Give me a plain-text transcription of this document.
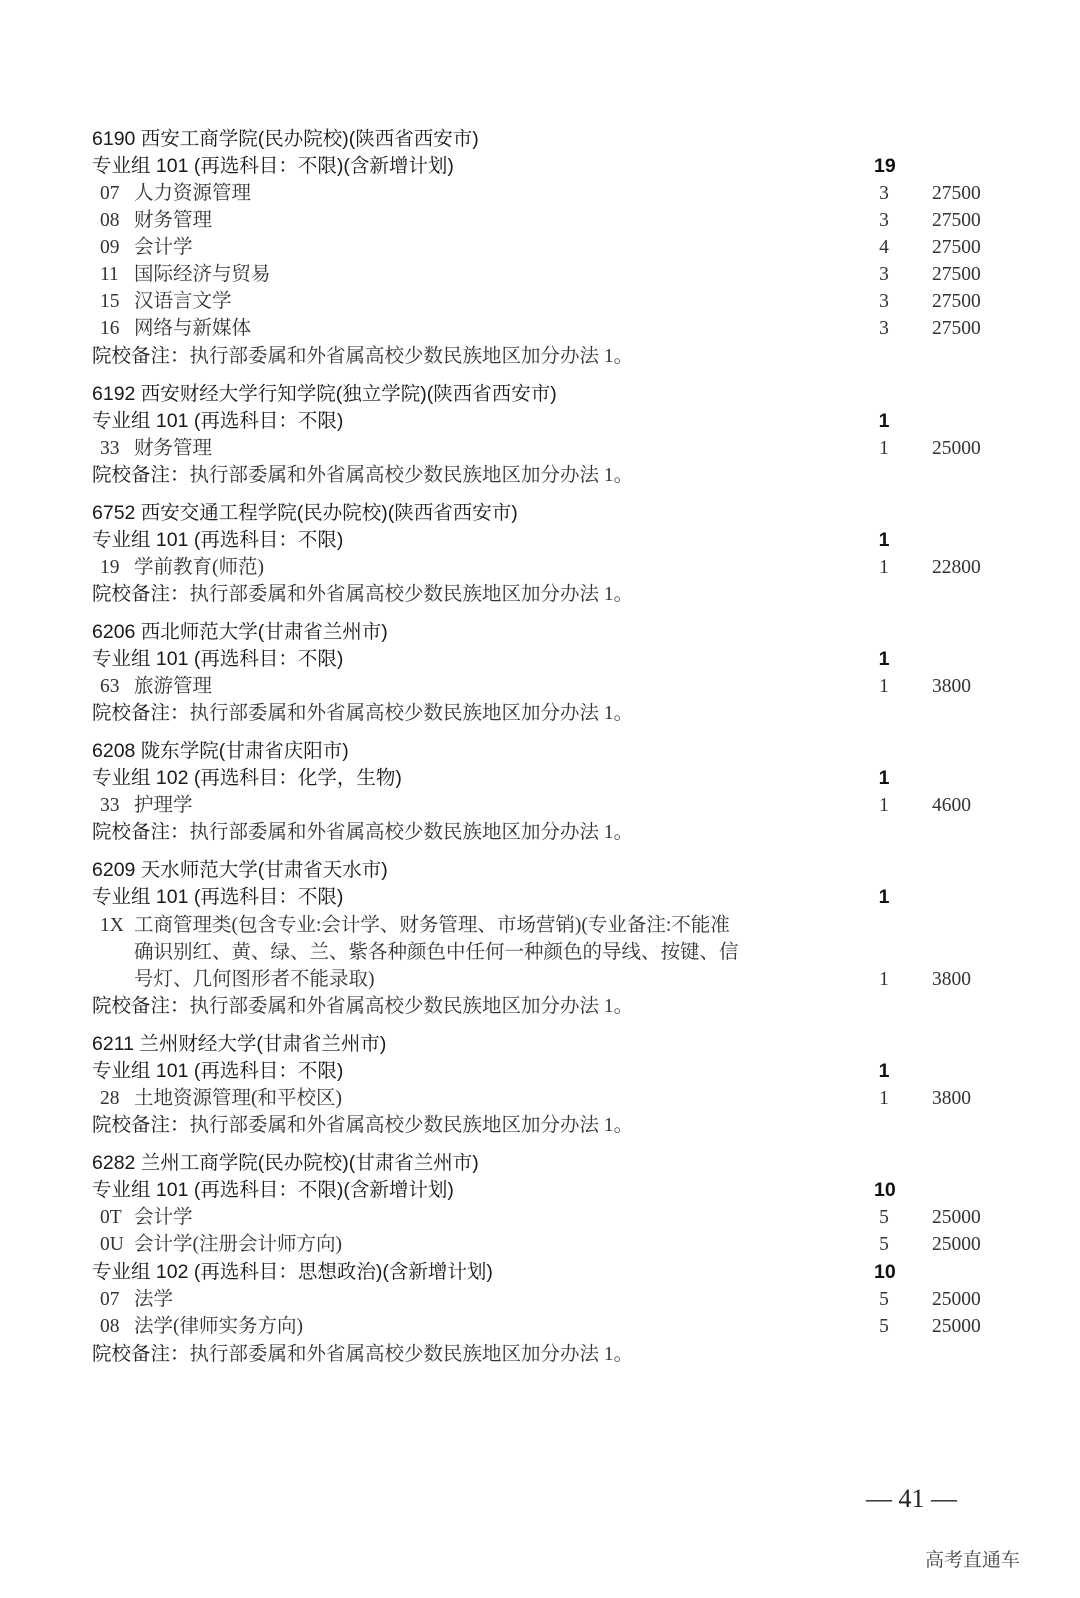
6190 西安工商学院(民办院校)(陕西省西安市)
专业组 101 (再选科目：不限)(含新增计划)	19
07 人力资源管理	3 27500
08 财务管理	3 27500
09 会计学	4 27500
11 国际经济与贸易	3 27500
15 汉语言文学	3 27500
16 网络与新媒体	3 27500
院校备注：执行部委属和外省属高校少数民族地区加分办法 1。
6192 西安财经大学行知学院(独立学院)(陕西省西安市)
专业组 101 (再选科目：不限)	1
33 财务管理	1 25000
院校备注：执行部委属和外省属高校少数民族地区加分办法 1。
6752 西安交通工程学院(民办院校)(陕西省西安市)
专业组 101 (再选科目：不限)	1
19 学前教育(师范)	1 22800
院校备注：执行部委属和外省属高校少数民族地区加分办法 1。
6206 西北师范大学(甘肃省兰州市)
专业组 101 (再选科目：不限)	1
63 旅游管理	1 3800
院校备注：执行部委属和外省属高校少数民族地区加分办法 1。
6208 陇东学院(甘肃省庆阳市)
专业组 102 (再选科目：化学，生物)	1
33 护理学	1 4600
院校备注：执行部委属和外省属高校少数民族地区加分办法 1。
6209 天水师范大学(甘肃省天水市)
专业组 101 (再选科目：不限)	1
1X 工商管理类(包含专业:会计学、财务管理、市场营销)(专业备注:不能准
确识别红、黄、绿、兰、紫各种颜色中任何一种颜色的导线、按键、信
号灯、几何图形者不能录取)	1 3800
院校备注：执行部委属和外省属高校少数民族地区加分办法 1。
6211 兰州财经大学(甘肃省兰州市)
专业组 101 (再选科目：不限)	1
28 土地资源管理(和平校区)	1 3800
院校备注：执行部委属和外省属高校少数民族地区加分办法 1。
6282 兰州工商学院(民办院校)(甘肃省兰州市)
专业组 101 (再选科目：不限)(含新增计划)	10
0T 会计学	5 25000
0U 会计学(注册会计师方向)	5 25000
专业组 102 (再选科目：思想政治)(含新增计划)	10
07 法学	5 25000
08 法学(律师实务方向)	5 25000
院校备注：执行部委属和外省属高校少数民族地区加分办法 1。
— 41 —
高考直通车
